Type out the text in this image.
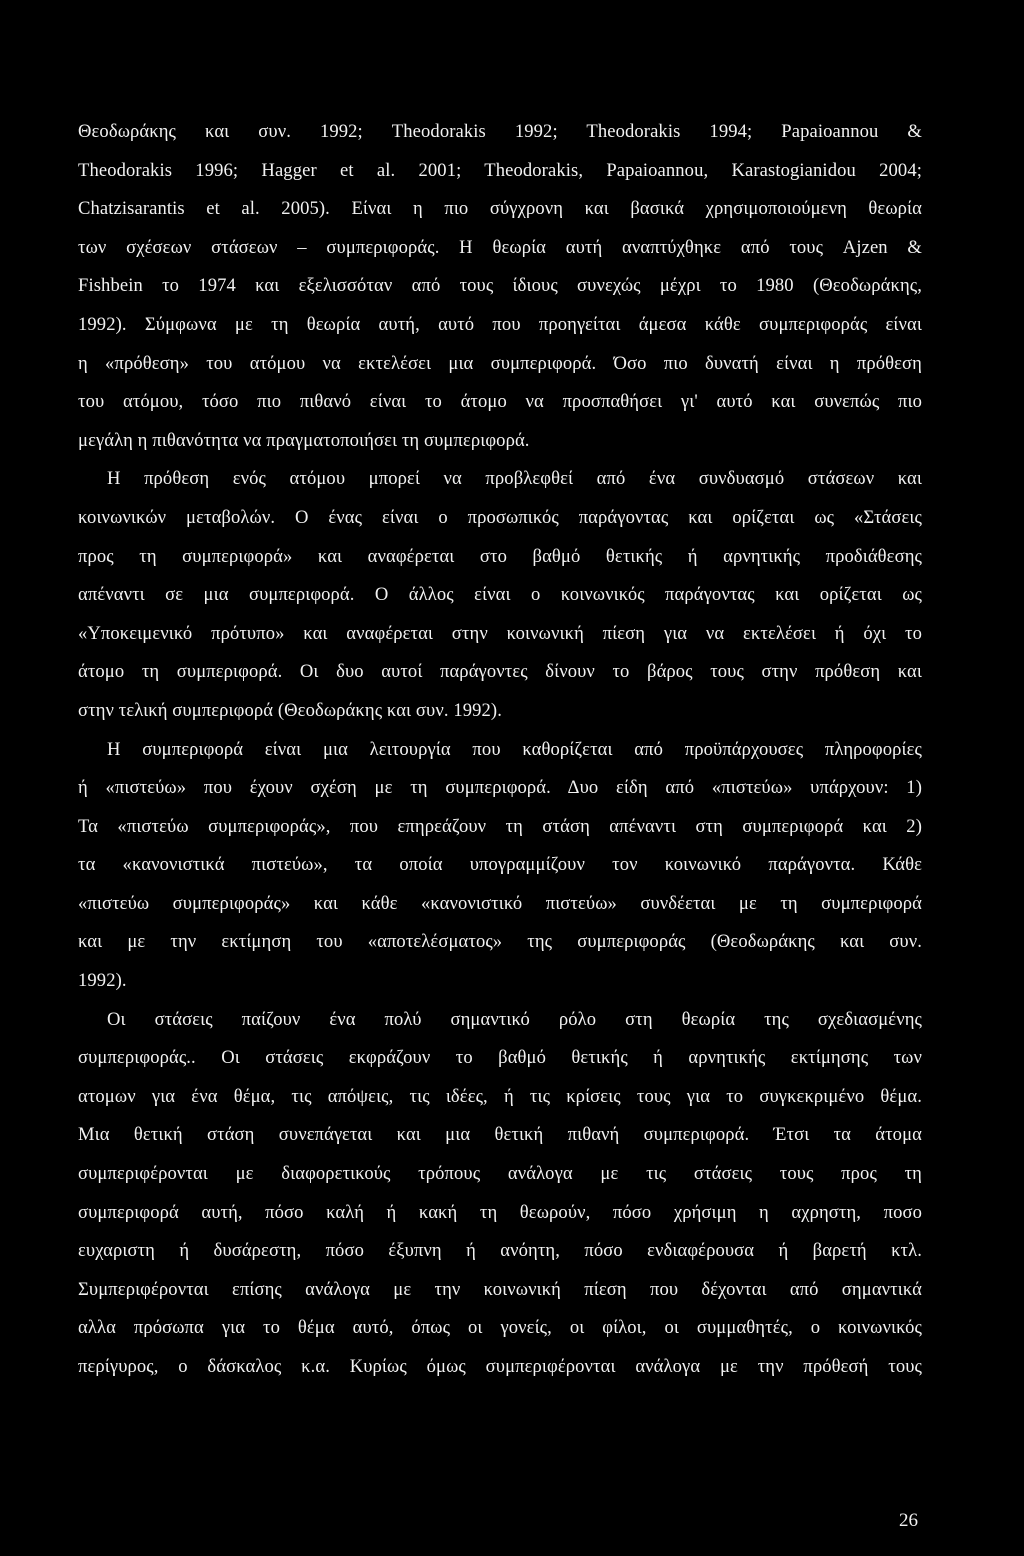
Θεοδωράκης και συν. 1992; Theodorakis 1992; Theodorakis 1994; Papaioannou &
Theodorakis 1996; Hagger et al. 2001; Theodorakis, Papaioannou, Karastogianidou 2004;
Chatzisarantis et al. 2005). Είναι η πιο σύγχρονη και βασικά χρησιμοποιούμενη θεωρία
των σχέσεων στάσεων – συμπεριφοράς. Η θεωρία αυτή αναπτύχθηκε από τους Ajzen &
Fishbein το 1974 και εξελισσόταν από τους ίδιους συνεχώς μέχρι το 1980 (Θεοδωράκης,
1992). Σύμφωνα με τη θεωρία αυτή, αυτό που προηγείται άμεσα κάθε συμπεριφοράς είναι
η «πρόθεση» του ατόμου να εκτελέσει μια συμπεριφορά. Όσο πιο δυνατή είναι η πρόθεση
του ατόμου, τόσο πιο πιθανό είναι το άτομο να προσπαθήσει γι' αυτό και συνεπώς πιο
μεγάλη η πιθανότητα να πραγματοποιήσει τη συμπεριφορά.
Η πρόθεση ενός ατόμου μπορεί να προβλεφθεί από ένα συνδυασμό στάσεων και
κοινωνικών μεταβολών. Ο ένας είναι ο προσωπικός παράγοντας και ορίζεται ως «Στάσεις
προς τη συμπεριφορά» και αναφέρεται στο βαθμό θετικής ή αρνητικής προδιάθεσης
απέναντι σε μια συμπεριφορά. Ο άλλος είναι ο κοινωνικός παράγοντας και ορίζεται ως
«Υποκειμενικό πρότυπο» και αναφέρεται στην κοινωνική πίεση για να εκτελέσει ή όχι το
άτομο τη συμπεριφορά. Οι δυο αυτοί παράγοντες δίνουν το βάρος τους στην πρόθεση και
στην τελική συμπεριφορά (Θεοδωράκης και συν. 1992).
Η συμπεριφορά είναι μια λειτουργία που καθορίζεται από προϋπάρχουσες πληροφορίες
ή «πιστεύω» που έχουν σχέση με τη συμπεριφορά. Δυο είδη από «πιστεύω» υπάρχουν: 1)
Τα «πιστεύω συμπεριφοράς», που επηρεάζουν τη στάση απέναντι στη συμπεριφορά και 2)
τα «κανονιστικά πιστεύω», τα οποία υπογραμμίζουν τον κοινωνικό παράγοντα. Κάθε
«πιστεύω συμπεριφοράς» και κάθε «κανονιστικό πιστεύω» συνδέεται με τη συμπεριφορά
και με την εκτίμηση του «αποτελέσματος» της συμπεριφοράς (Θεοδωράκης και συν.
1992).
Οι στάσεις παίζουν ένα πολύ σημαντικό ρόλο στη θεωρία της σχεδιασμένης
συμπεριφοράς.. Οι στάσεις εκφράζουν το βαθμό θετικής ή αρνητικής εκτίμησης των
ατομων για ένα θέμα, τις απόψεις, τις ιδέες, ή τις κρίσεις τους για το συγκεκριμένο θέμα.
Μια θετική στάση συνεπάγεται και μια θετική πιθανή συμπεριφορά. Έτσι τα άτομα
συμπεριφέρονται με διαφορετικούς τρόπους ανάλογα με τις στάσεις τους προς τη
συμπεριφορά αυτή, πόσο καλή ή κακή τη θεωρούν, πόσο χρήσιμη η αχρηστη, ποσο
ευχαριστη ή δυσάρεστη, πόσο έξυπνη ή ανόητη, πόσο ενδιαφέρουσα ή βαρετή κτλ.
Συμπεριφέρονται επίσης ανάλογα με την κοινωνική πίεση που δέχονται από σημαντικά
αλλα πρόσωπα για το θέμα αυτό, όπως οι γονείς, οι φίλοι, οι συμμαθητές, ο κοινωνικός
περίγυρος, ο δάσκαλος κ.α. Κυρίως όμως συμπεριφέρονται ανάλογα με την πρόθεσή τους
26
